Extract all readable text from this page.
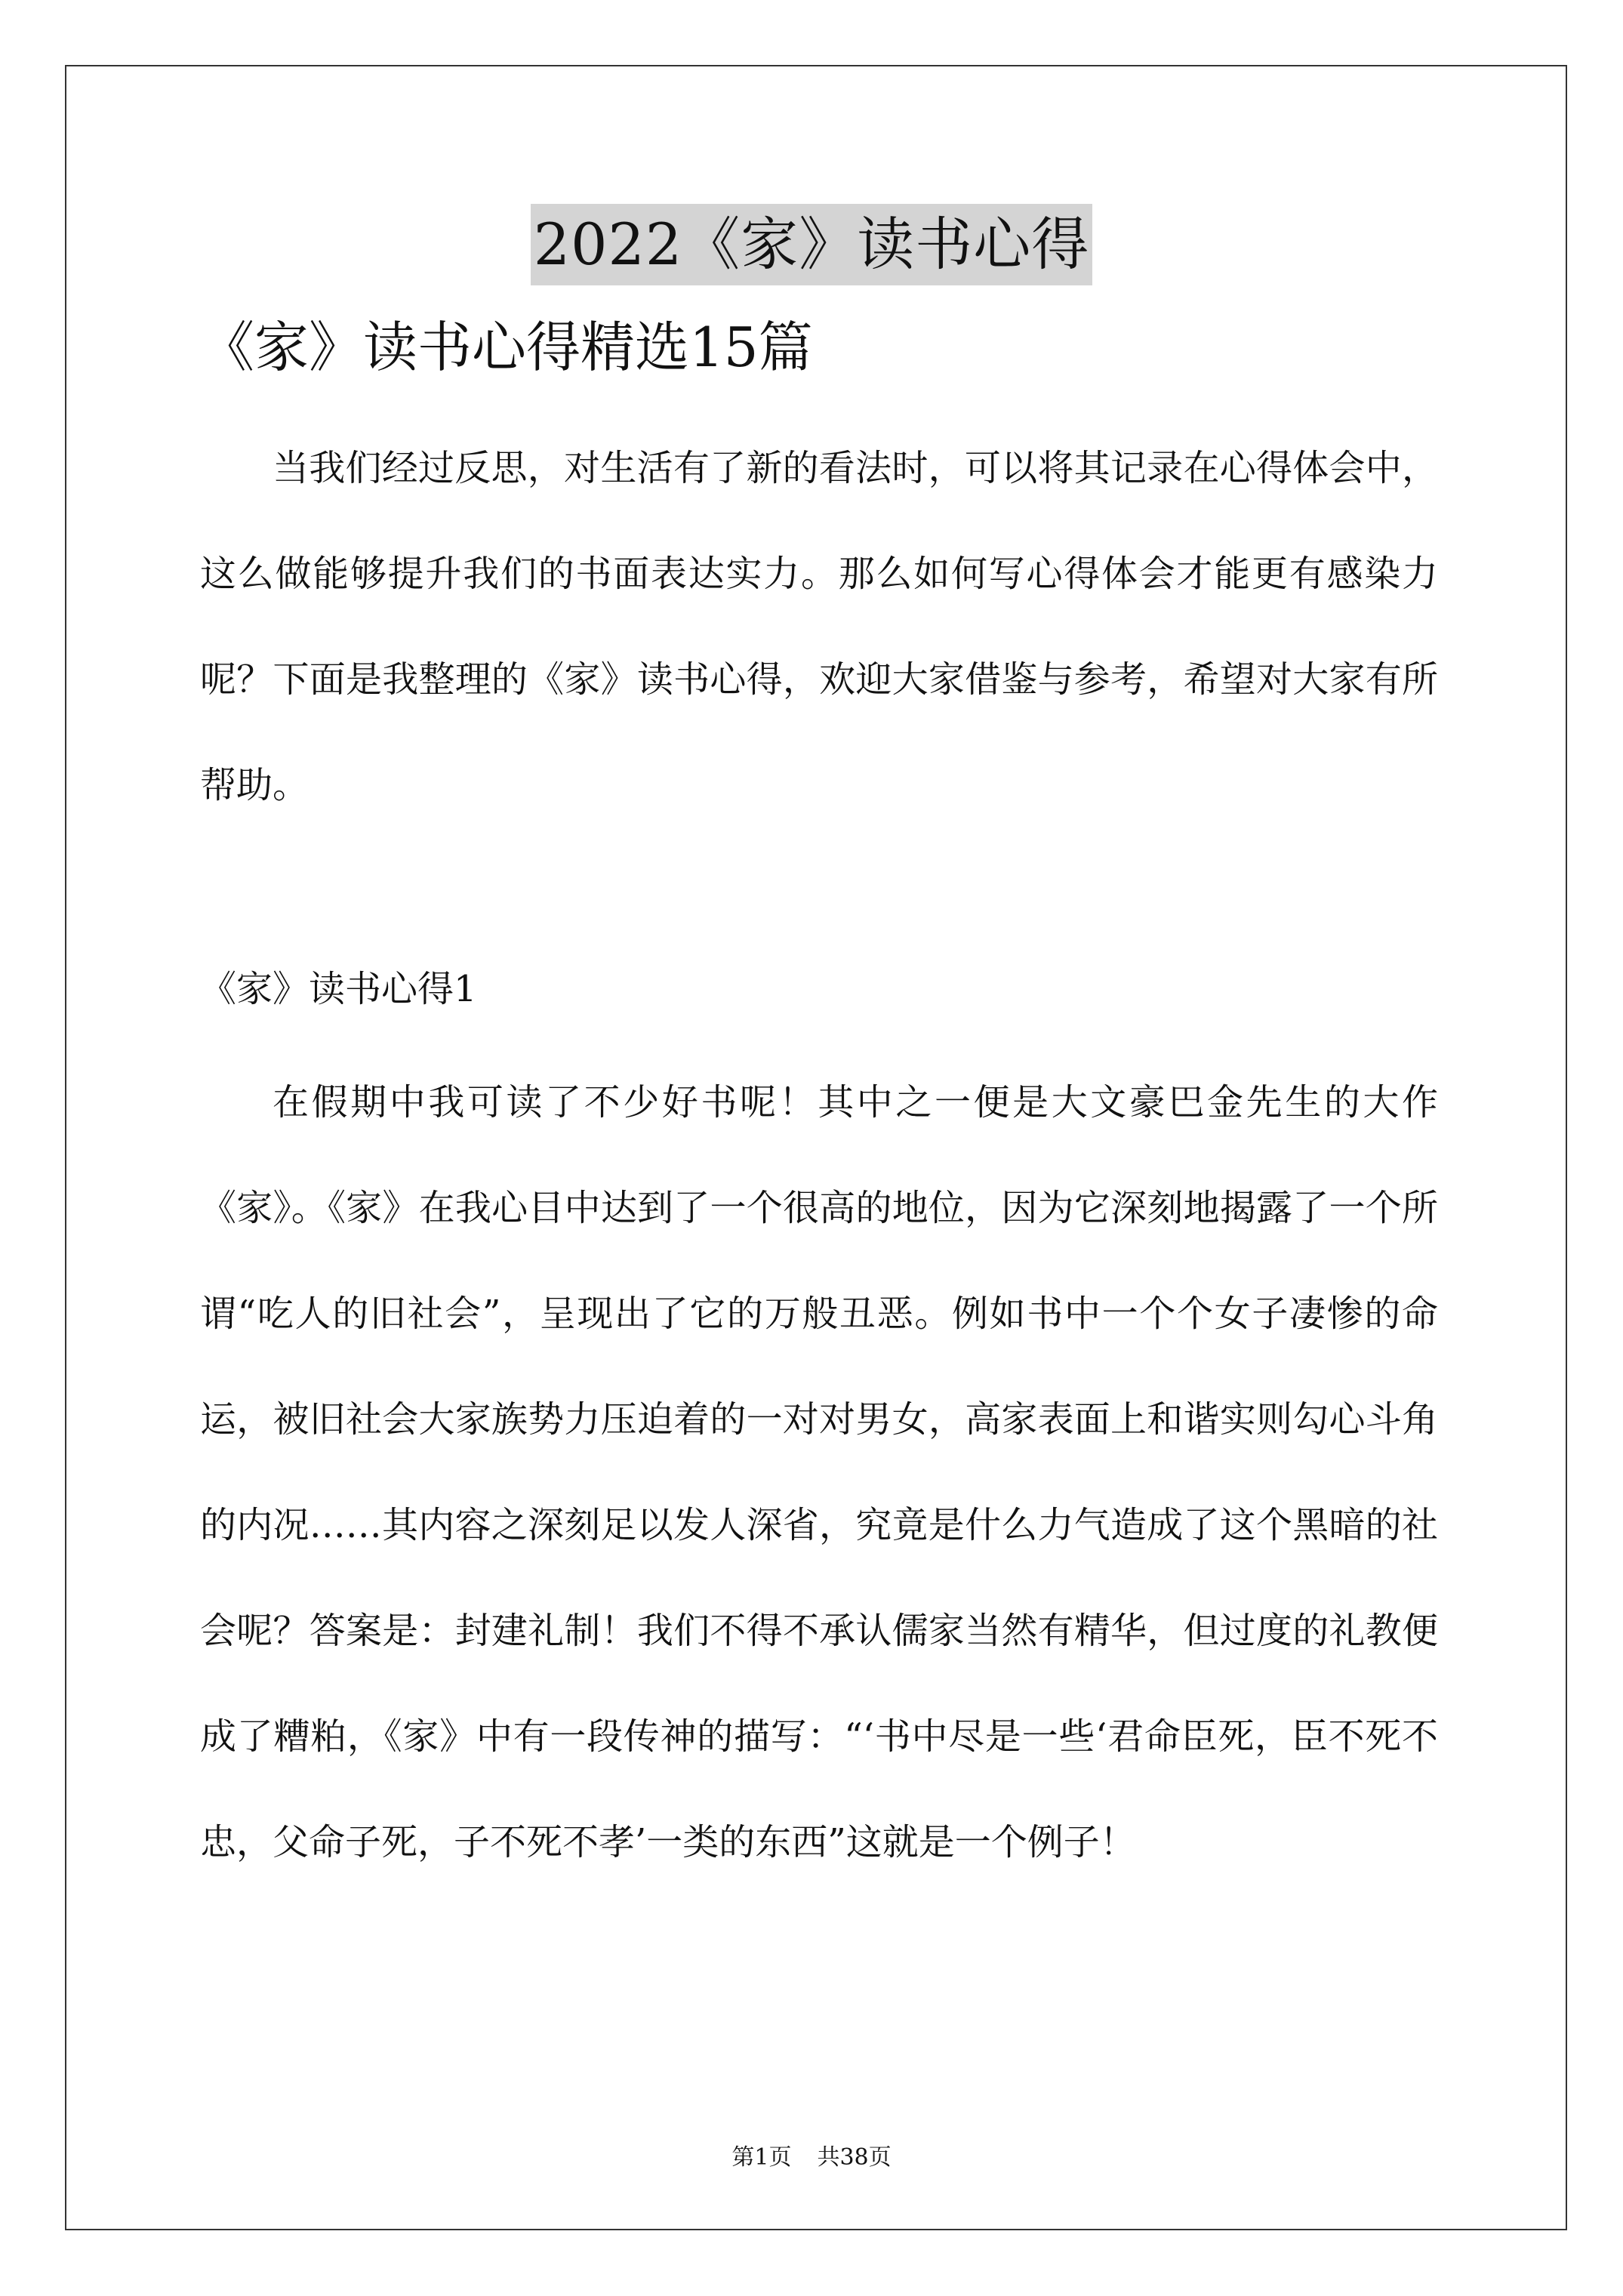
2022《家》读书心得
《家》读书心得精选15篇

当我们经过反思，对生活有了新的看法时，可以将其记录在心得体会中，这么做能够提升我们的书面表达实力。那么如何写心得体会才能更有感染力呢？下面是我整理的《家》读书心得，欢迎大家借鉴与参考，希望对大家有所帮助。

《家》读书心得1

在假期中我可读了不少好书呢！其中之一便是大文豪巴金先生的大作《家》。《家》在我心目中达到了一个很高的地位，因为它深刻地揭露了一个所谓“吃人的旧社会”，呈现出了它的万般丑恶。例如书中一个个女子凄惨的命运，被旧社会大家族势力压迫着的一对对男女，高家表面上和谐实则勾心斗角的内况……其内容之深刻足以发人深省，究竟是什么力气造成了这个黑暗的社会呢？答案是：封建礼制！我们不得不承认儒家当然有精华，但过度的礼教便成了糟粕，《家》中有一段传神的描写：“‘书中尽是一些‘君命臣死，臣不死不忠，父命子死，子不死不孝’一类的东西”这就是一个例子！

第1页 共38页
